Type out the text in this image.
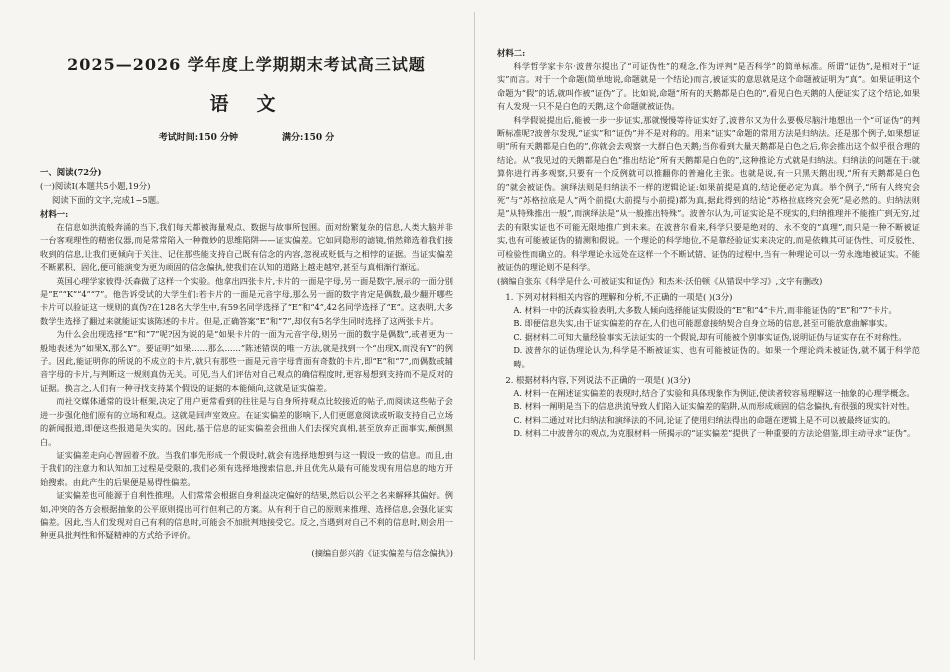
2025—2026 学年度上学期期末考试高三试题
语文
考试时间:150 分钟	满分:150 分
一、阅读(72分)
(一)阅读Ⅰ(本题共5小题,19分)
阅读下面的文字,完成1~5题。
材料一:

在信息如洪流般奔涌的当下,我们每天都被海量观点、数据与故事所包围。面对纷繁复杂的信息,人类大脑并非一台客观理性的精密仪器,而是常常陷入一种微妙的思维陷阱——证实偏差。它如同隐形的滤镜,悄然筛选着我们接收到的信息,让我们更倾向于关注、记住那些能支持自己既有信念的内容,忽视或贬低与之相悖的证据。当证实偏差不断累积、固化,便可能演变为更为顽固的信念偏执,使我们在认知的道路上越走越窄,甚至与真相渐行渐远。

英国心理学家彼得·沃森做了这样一个实验。他拿出四张卡片,卡片的一面是字母,另一面是数字,展示的一面分别是“E”“K”“4”“7”。他告诉受试的大学生们:若卡片的一面是元音字母,那么另一面的数字肯定是偶数,最少翻开哪些卡片可以验证这一规则的真伪?在128名大学生中,有59名同学选择了“E”和“4”,42名同学选择了“E”。这表明,大多数学生选择了翻过来就能证实该陈述的卡片。但是,正确答案“E”和“7”,却仅有5名学生同时选择了这两张卡片。

为什么会出现选择“E”和“7”呢?因为说的是“如果卡片的一面为元音字母,则另一面的数字是偶数”,或者更为一般地表述为“如果X,那么Y”。要证明“如果……那么……”陈述错误的唯一方法,就是找到一个“出现X,而没有Y”的例子。因此,能证明你的所说的不成立的卡片,就只有那些一面是元音字母背面有奇数的卡片,即“E”和“7”,而偶数或辅音字母的卡片,与判断这一规则真伪无关。可见,当人们评估对自己观点的确信程度时,更容易想到支持而不是反对的证据。换言之,人们有一种寻找支持某个假设的证据的本能倾向,这就是证实偏差。

而社交媒体通常的设计框架,决定了用户更常看到的往往是与自身所持观点比较接近的帖子,而阅读这些帖子会进一步强化他们原有的立场和观点。这就是回声室效应。在证实偏差的影响下,人们更愿意阅读或听取支持自己立场的新闻报道,即便这些报道是失实的。因此,基于信息的证实偏差会扭曲人们去探究真相,甚至放弃正面事实,颠倒黑白。

证实偏差走向心智固着不放。当我们事先形成一个假设时,就会有选择地想到与这一假设一致的信息。而且,由于我们的注意力和认知加工过程是受限的,我们必须有选择地搜索信息,并且优先从最有可能发现有用信息的地方开始搜索。由此产生的后果便是易得性偏差。

证实偏差也可能源于自利性推理。人们常常会根据自身利益决定偏好的结果,然后以公平之名来解释其偏好。例如,冲突的各方会根据抽象的公平原则提出可行但利己的方案。从有利于自己的原则来推理、选择信息,会强化证实偏差。因此,当人们发现对自己有利的信息时,可能会不加批判地接受它。反之,当遇到对自己不利的信息时,则会用一种更具批判性和怀疑精神的方式给予评价。

(摘编自彭兴韵《证实偏差与信念偏执》)
材料二:

科学哲学家卡尔·波普尔提出了“可证伪性”的观念,作为评判“是否科学”的简单标准。所谓“证伪”,是相对于“证实”而言。对于一个命题(简单地说,命题就是一个结论)而言,被证实的意思就是这个命题被证明为“真”。如果证明这个命题为“假”的话,就叫作被“证伪”了。比如说,命题“所有的天鹅都是白色的”,看见白色天鹅的人便证实了这个结论,如果有人发现一只不是白色的天鹅,这个命题就被证伪。

科学假说提出后,能被一步一步证实,那就慢慢等待证实好了,波普尔又为什么要极尽脑汁地想出一个“可证伪”的判断标准呢?波普尔发现,“证实”和“证伪”并不是对称的。用来“证实”命题的常用方法是归纳法。还是那个例子,如果想证明“所有天鹅都是白色的”,你就会去观察一大群白色天鹅;当你看到大量天鹅都是白色之后,你会推出这个似乎很合理的结论。从“我见过的天鹅都是白色”推出结论“所有天鹅都是白色的”,这种推论方式就是归纳法。归纳法的问题在于:就算你进行再多观察,只要有一个反例就可以推翻你的普遍化主张。也就是说,有一只黑天鹅出现,“所有天鹅都是白色的”就会被证伪。演绎法则是归纳法不一样的逻辑论证:如果前提是真的,结论便必定为真。举个例子,“所有人终究会死”与“苏格拉底是人”两个前提(大前提与小前提)都为真,据此得到的结论“苏格拉底终究会死”是必然的。归纳法则是“从特殊推出一般”,而演绎法是“从一般推出特殊”。波普尔认为,可证实论是不现实的,归纳推理并不能推广到无穷,过去的有限实证也不可能无限地推广到未来。在波普尔看来,科学只要是绝对的、永不变的“真理”,而只是一种不断被证实,也有可能被证伪的猜测和假说。一个理论的科学地位,不是靠经验证实来决定的,而是依赖其可证伪性、可反驳性、可检验性而确立的。科学理论永远处在这样一个不断试错、证伪的过程中,当有一种理论可以一劳永逸地被证实。不能被证伪的理论则不是科学。

(摘编自张东《科学是什么·可被证实和证伪》和杰米·沃伯顿《从错误中学习》,文字有删改)

1. 下列对材料相关内容的理解和分析,不正确的一项是( )(3分)

A. 材料一中的沃森实验表明,大多数人倾向选择能证实假设的“E”和“4”卡片,而非能证伪的“E”和“7”卡片。

B. 即便信息失实,由于证实偏差的存在,人们也可能愿意接纳契合自身立场的信息,甚至可能放意曲解事实。

C. 据材料二可知大量经验事实无法证实的一个假说,却有可能被个别事实证伪,说明证伪与证实存在不对称性。

D. 波普尔的证伪理论认为,科学是不断被证实、也有可能被证伪的。如果一个理论尚未被证伪,就不属于科学范畴。

2. 根据材料内容,下列说法不正确的一项是( )(3分)

A. 材料一在阐述证实偏差的表现时,结合了实验和具体现象作为例证,使读者较容易理解这一抽象的心理学概念。

B. 材料一阐明是当下的信息洪流导致人们陷入证实偏差的陷阱,从而形成顽固的信念偏执,有很强的现实针对性。

C. 材料二通过对比归纳法和演绎法的不同,论证了使用归纳法得出的命题在逻辑上是不可以被最终证实的。

D. 材料二中波普尔的观点,为克服材料一所揭示的“证实偏差”提供了一种重要的方法论借鉴,即主动寻求“证伪”。
